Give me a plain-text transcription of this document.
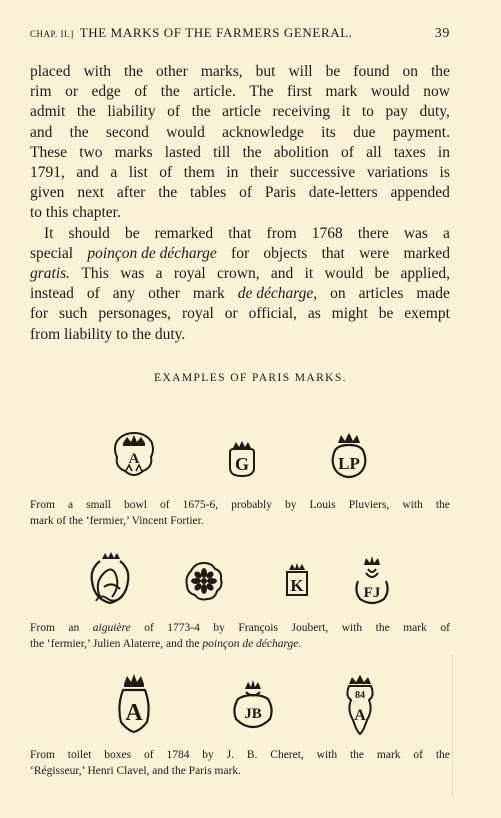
CHAP. II.] THE MARKS OF THE FARMERS GENERAL.	39
placed with the other marks, but will be found on the
rim or edge of the article. The first mark would now
admit the liability of the article receiving it to pay duty,
and the second would acknowledge its due payment.
These two marks lasted till the abolition of all taxes in
1791, and a list of them in their successive variations is
given next after the tables of Paris date-letters appended
to this chapter.
It should be remarked that from 1768 there was a
special poinçon de décharge for objects that were marked
gratis. This was a royal crown, and it would be applied,
instead of any other mark de décharge, on articles made
for such personages, royal or official, as might be exempt
from liability to the duty.
EXAMPLES OF PARIS MARKS.
A	G	LP
From a small bowl of 1675-6, probably by Louis Pluviers, with the
mark of the ‘fermier,’ Vincent Fortier.
K	FJ
From an aiguière of 1773-4 by François Joubert, with the mark of
the ‘fermier,’ Julien Alaterre, and the
poinçon de décharge.
A	JB
84
A
From toilet boxes of 1784 by J. B. Cheret, with the mark of the
‘Régisseur,’ Henri Clavel, and the Paris mark.
